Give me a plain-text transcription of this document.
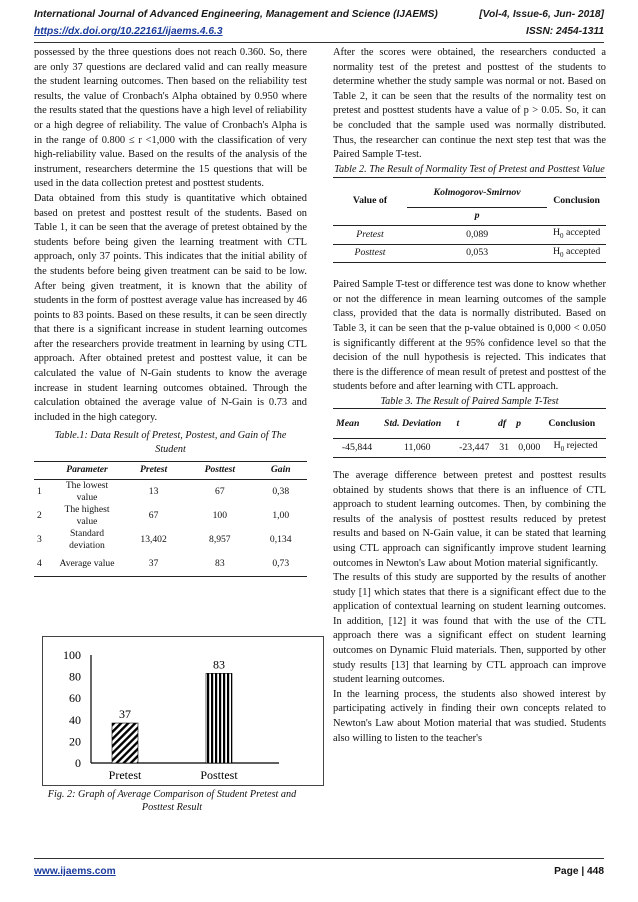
International Journal of Advanced Engineering, Management and Science (IJAEMS)	[Vol-4, Issue-6, Jun- 2018]
https://dx.doi.org/10.22161/ijaems.4.6.3	ISSN: 2454-1311

possessed by the three questions does not reach 0.360. So, there are only 37 questions are declared valid and can really measure the student learning outcomes. Then based on the reliability test results, the value of Cronbach's Alpha obtained by 0.950 where the results stated that the questions have a high level of reliability or a high degree of reliability. The value of Cronbach's Alpha is in the range of 0.800 ≤ r <1,000 with the classification of very high-reliability value. Based on the results of the analysis of the instrument, researchers determine the 15 questions that will be used in the data collection pretest and posttest students.

Data obtained from this study is quantitative which obtained based on pretest and posttest result of the students. Based on Table 1, it can be seen that the average of pretest obtained by the students before being given the learning treatment with CTL approach, only 37 points. This indicates that the initial ability of the students before being given treatment can be said to be low. After being given treatment, it is known that the ability of students in the form of posttest average value has increased by 46 points to 83 points. Based on these results, it can be seen directly that there is a significant increase in student learning outcomes after the researchers provide treatment in learning by using CTL approach. After obtained pretest and posttest value, it can be calculated the value of N-Gain students to know the average increase in student learning outcomes obtained. Through the calculation obtained the average value of N-Gain is 0.73 and included in the high category.

Table.1: Data Result of Pretest, Postest, and Gain of The Student
	Parameter	Pretest	Posttest	Gain
1	The lowest value	13	67	0,38
2	The highest value	67	100	1,00
3	Standard deviation	13,402	8,957	0,134
4	Average value	37	83	0,73
0
20
40
60
80
100
37
Pretest
83
Posttest
Fig. 2: Graph of Average Comparison of Student Pretest and Posttest Result

After the scores were obtained, the researchers conducted a normality test of the pretest and posttest of the students to determine whether the study sample was normal or not. Based on Table 2, it can be seen that the results of the normality test on pretest and posttest students have a value of p > 0.05. So, it can be concluded that the sample used was normally distributed. Thus, the researcher can continue the next step test that was the Paired Sample T-test.

Table 2. The Result of Normality Test of Pretest and Posttest Value
Value of	Kolmogorov-Smirnov	Conclusion
	p	
Pretest	0,089	$H_0$ accepted
Posttest	0,053	$H_0$ accepted

Paired Sample T-test or difference test was done to know whether or not the difference in mean learning outcomes of the sample class, provided that the data is normally distributed. Based on Table 3, it can be seen that the p-value obtained is 0,000 < 0.050 is significantly different at the 95% confidence level so that the decision of the null hypothesis is rejected. This indicates that there is the difference of mean result of pretest and posttest of the students before and after learning with CTL approach.

Table 3. The Result of Paired Sample T-Test
Mean	Std. Deviation	t	df	p	Conclusion
-45,844	11,060	-23,447	31	0,000	$H_0$ rejected

The average difference between pretest and posttest results obtained by students shows that there is an influence of CTL approach to student learning outcomes. Then, by combining the results of the analysis of posttest results reduced by pretest results and based on N-Gain value, it can be stated that learning using CTL approach can significantly improve student learning outcomes in Newton's Law about Motion material significantly.

The results of this study are supported by the results of another study [1] which states that there is a significant effect due to the application of contextual learning on student learning outcomes. In addition, [12] it was found that with the use of the CTL approach there was a significant effect on student learning outcomes on Dynamic Fluid materials. Then, supported by other study results [13] that learning by CTL approach can improve student learning outcomes.

In the learning process, the students also showed interest by participating actively in finding their own concepts related to Newton's Law about Motion material that was studied. Students also willing to listen to the teacher's

www.ijaems.com	Page | 448
